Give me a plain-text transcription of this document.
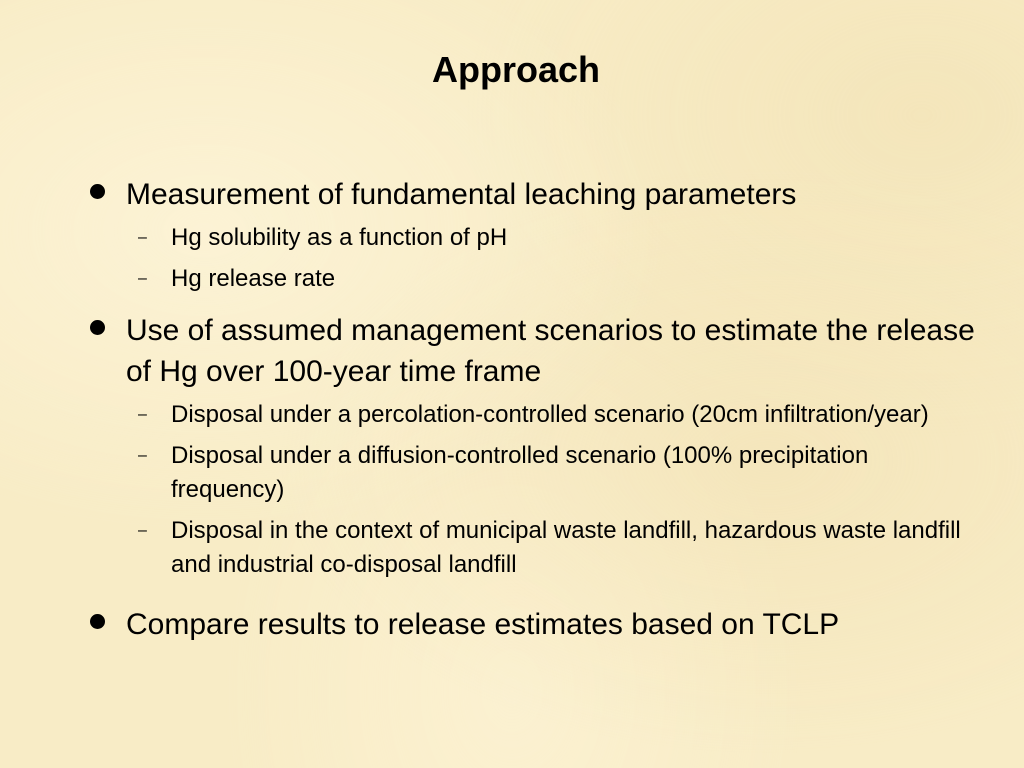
Approach
Measurement of fundamental leaching parameters
– Hg solubility as a function of pH
– Hg release rate
Use of assumed management scenarios to estimate the release of Hg over 100-year time frame
– Disposal under a percolation-controlled scenario (20cm infiltration/year)
– Disposal under a diffusion-controlled scenario (100% precipitation frequency)
– Disposal in the context of municipal waste landfill, hazardous waste landfill and industrial co-disposal landfill
Compare results to release estimates based on TCLP
